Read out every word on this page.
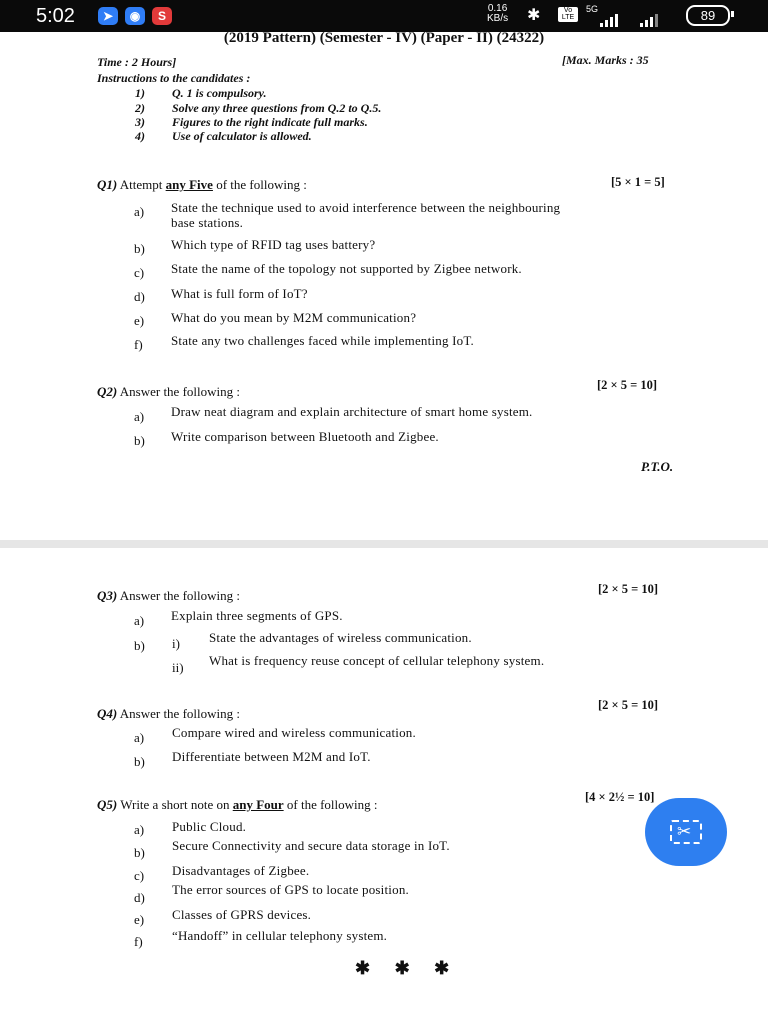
5:02	➤	◉	S
0.16
KB/s ✱	Vo LTE
5G	89
(2019 Pattern) (Semester - IV) (Paper - II) (24322)
Time : 2 Hours]	[Max. Marks : 35
Instructions to the candidates :
1) Q. 1 is compulsory.
2) Solve any three questions from Q.2 to Q.5.
3) Figures to the right indicate full marks.
4) Use of calculator is allowed.
Q1) Attempt any Five of the following :	[5 × 1 = 5]
a) State the technique used to avoid interference between the neighbouring
base stations.
b) Which type of RFID tag uses battery?
c) State the name of the topology not supported by Zigbee network.
d) What is full form of IoT?
e) What do you mean by M2M communication?
f) State any two challenges faced while implementing IoT.
Q2) Answer the following :	[2 × 5 = 10]
a) Draw neat diagram and explain architecture of smart home system.
b) Write comparison between Bluetooth and Zigbee.
P.T.O.
Q3) Answer the following :	[2 × 5 = 10]
a) Explain three segments of GPS.
b) i) State the advantages of wireless communication.
ii) What is frequency reuse concept of cellular telephony system.
Q4) Answer the following :
[2 × 5 = 10]
a) Compare wired and wireless communication.
b) Differentiate between M2M and IoT.
Q5) Write a short note on any Four of the following :	[4 × 2½ = 10]
a) Public Cloud.
b) Secure Connectivity and secure data storage in IoT.
c) Disadvantages of Zigbee.
d)
The error sources of GPS to locate position.
e) Classes of GPRS devices.
f) “Handoff” in cellular telephony system.
✱ ✱ ✱
✂
